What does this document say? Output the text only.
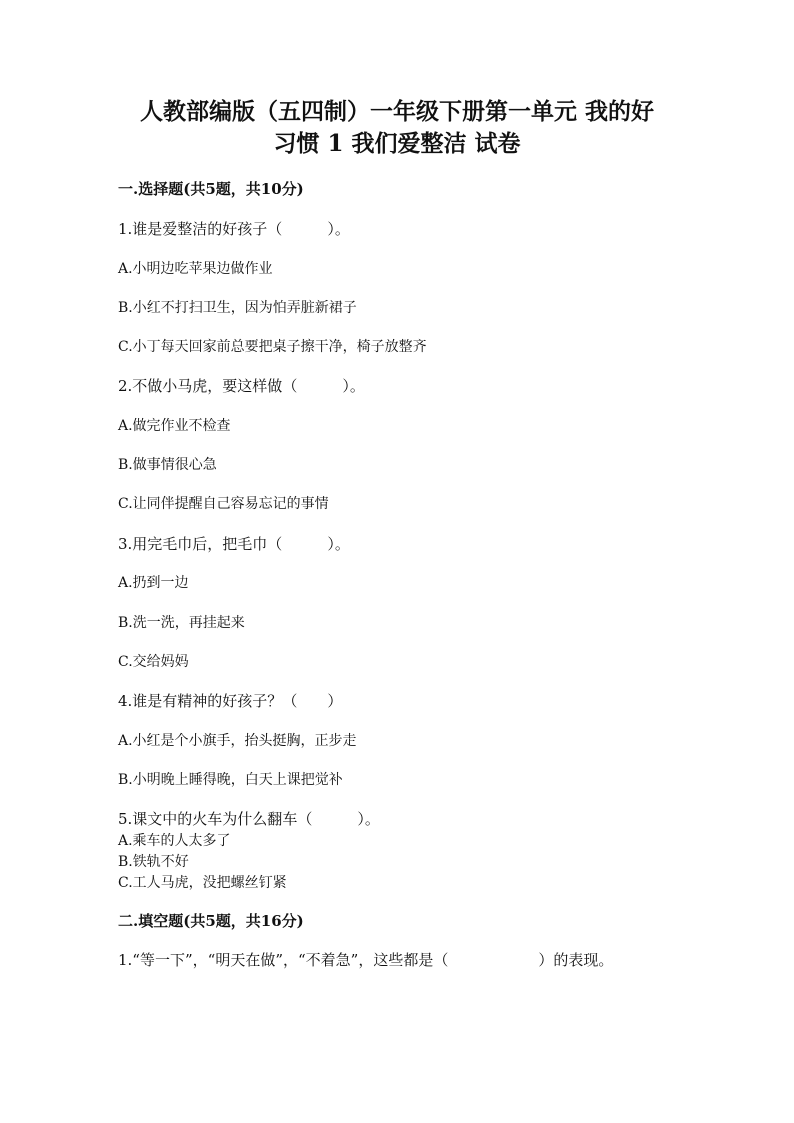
人教部编版（五四制）一年级下册第一单元 我的好
习惯 1 我们爱整洁 试卷

一.选择题(共5题，共10分)

1.谁是爱整洁的好孩子（　　　）。

A.小明边吃苹果边做作业

B.小红不打扫卫生，因为怕弄脏新裙子

C.小丁每天回家前总要把桌子擦干净，椅子放整齐

2.不做小马虎，要这样做（　　　）。

A.做完作业不检查

B.做事情很心急

C.让同伴提醒自己容易忘记的事情

3.用完毛巾后，把毛巾（　　　）。

A.扔到一边

B.洗一洗，再挂起来

C.交给妈妈

4.谁是有精神的好孩子？（　　）

A.小红是个小旗手，抬头挺胸，正步走

B.小明晚上睡得晚，白天上课把觉补

5.课文中的火车为什么翻车（　　　）。

A.乘车的人太多了

B.铁轨不好

C.工人马虎，没把螺丝钉紧

二.填空题(共5题，共16分)

1.“等一下”，“明天在做”，“不着急”，这些都是（　　　　　　）的表现。
